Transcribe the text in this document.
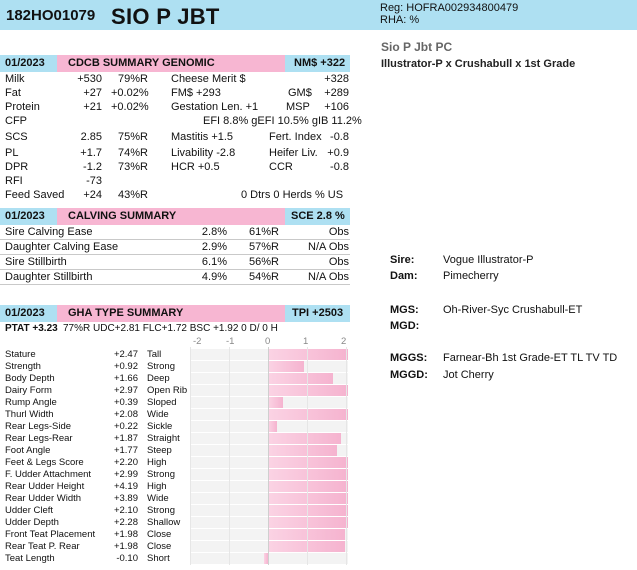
182HO01079 SIO P JBT	Reg: HOFRA002934800479
RHA: %
Sio P Jbt PC
Illustrator-P x Crushabull x 1st Grade
01/2023 CDCB SUMMARY GENOMIC	NM$ +322
Milk	+530 79%R Cheese Merit $	+328
Fat	+27 +0.02% FM$ +293	GM$	+289
Protein	+21 +0.02% Gestation Len. +1	MSP	+106
CFP	EFI 8.8% gEFI 10.5% gIB 11.2%
SCS	2.85 75%R Mastitis +1.5	Fert. Index -0.8
PL	+1.7 74%R Livability -2.8	Heifer Liv. +0.9
DPR	-1.2 73%R HCR +0.5	CCR	-0.8
RFI	-73
Feed Saved	+24 43%R	0 Dtrs 0 Herds % US
01/2023 CALVING SUMMARY	SCE 2.8 %
Sire Calving Ease	2.8% 61%R	Obs
Daughter Calving Ease	2.9% 57%R	N/A Obs
Sire Stillbirth	6.1% 56%R	Obs
Daughter Stillbirth	4.9% 54%R	N/A Obs
01/2023 GHA TYPE SUMMARY	TPI +2503
PTAT +3.23 77%R UDC+2.81 FLC+1.72 BSC +1.92 0 D/ 0 H
-2	-1	0	1	2
Stature	+2.47 Tall
Strength	+0.92 Strong
Body Depth	+1.66 Deep
Dairy Form	+2.97 Open Rib
Rump Angle	+0.39 Sloped
Thurl Width	+2.08 Wide
Rear Legs-Side	+0.22 Sickle
Rear Legs-Rear	+1.87 Straight
Foot Angle	+1.77 Steep
Feet & Legs Score	+2.20 High
F. Udder Attachment	+2.99 Strong
Rear Udder Height	+4.19 High
Rear Udder Width	+3.89 Wide
Udder Cleft	+2.10 Strong
Udder Depth	+2.28 Shallow
Front Teat Placement	+1.98 Close
Rear Teat P. Rear	+1.98 Close
Teat Length	-0.10 Short
Sire:	Vogue Illustrator-P
Dam: Pimecherry
MGS: Oh-River-Syc Crushabull-ET
MGD:
MGGS: Farnear-Bh 1st Grade-ET TL TV TD
MGGD: Jot Cherry
